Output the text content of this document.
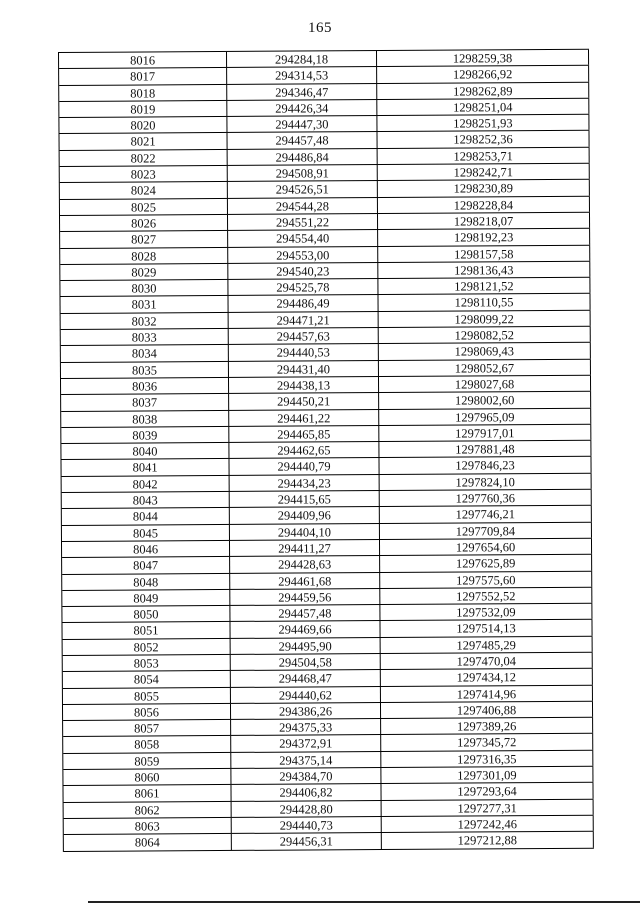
165
8016	294284,18	1298259,38
8017	294314,53	1298266,92
8018	294346,47	1298262,89
8019	294426,34	1298251,04
8020	294447,30	1298251,93
8021	294457,48	1298252,36
8022	294486,84	1298253,71
8023	294508,91	1298242,71
8024	294526,51	1298230,89
8025	294544,28	1298228,84
8026	294551,22	1298218,07
8027	294554,40	1298192,23
8028	294553,00	1298157,58
8029	294540,23	1298136,43
8030	294525,78	1298121,52
8031	294486,49	1298110,55
8032	294471,21	1298099,22
8033	294457,63	1298082,52
8034	294440,53	1298069,43
8035	294431,40	1298052,67
8036	294438,13	1298027,68
8037	294450,21	1298002,60
8038	294461,22	1297965,09
8039	294465,85	1297917,01
8040	294462,65	1297881,48
8041	294440,79	1297846,23
8042	294434,23	1297824,10
8043	294415,65	1297760,36
8044	294409,96	1297746,21
8045	294404,10	1297709,84
8046	294411,27	1297654,60
8047	294428,63	1297625,89
8048	294461,68	1297575,60
8049	294459,56	1297552,52
8050	294457,48	1297532,09
8051	294469,66	1297514,13
8052	294495,90	1297485,29
8053	294504,58	1297470,04
8054	294468,47	1297434,12
8055	294440,62	1297414,96
8056	294386,26	1297406,88
8057	294375,33	1297389,26
8058	294372,91	1297345,72
8059	294375,14	1297316,35
8060	294384,70	1297301,09
8061	294406,82	1297293,64
8062	294428,80	1297277,31
8063	294440,73	1297242,46
8064	294456,31	1297212,88
